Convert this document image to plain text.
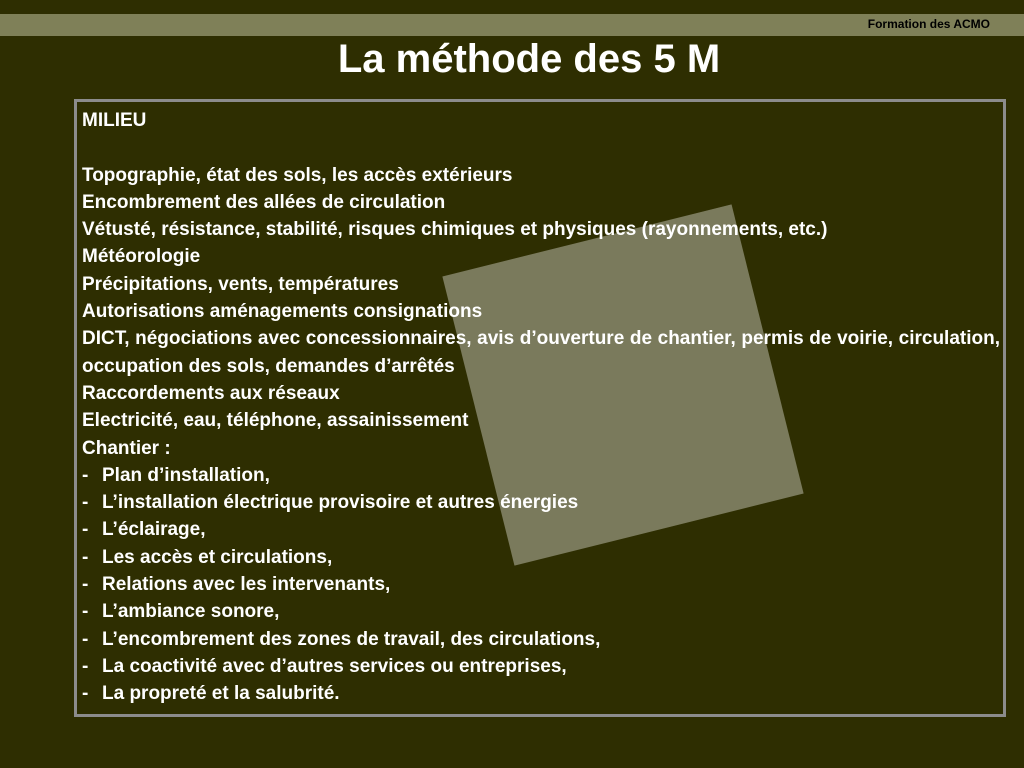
Formation des ACMO
La méthode des 5 M

MILIEU

Topographie, état des sols, les accès extérieurs

Encombrement des allées de circulation

Vétusté, résistance, stabilité, risques chimiques et physiques (rayonnements, etc.)

Météorologie

Précipitations, vents, températures

Autorisations aménagements consignations

DICT, négociations avec concessionnaires, avis d’ouverture de chantier, permis de voirie, circulation, occupation des sols, demandes d’arrêtés

Raccordements aux réseaux

Electricité, eau, téléphone, assainissement

Chantier :

- Plan d’installation,
- L’installation électrique provisoire et autres énergies
- L’éclairage,
- Les accès et circulations,
- Relations avec les intervenants,
- L’ambiance sonore,
- L’encombrement des zones de travail, des circulations,
- La coactivité avec d’autres services ou entreprises,
- La propreté et la salubrité.
